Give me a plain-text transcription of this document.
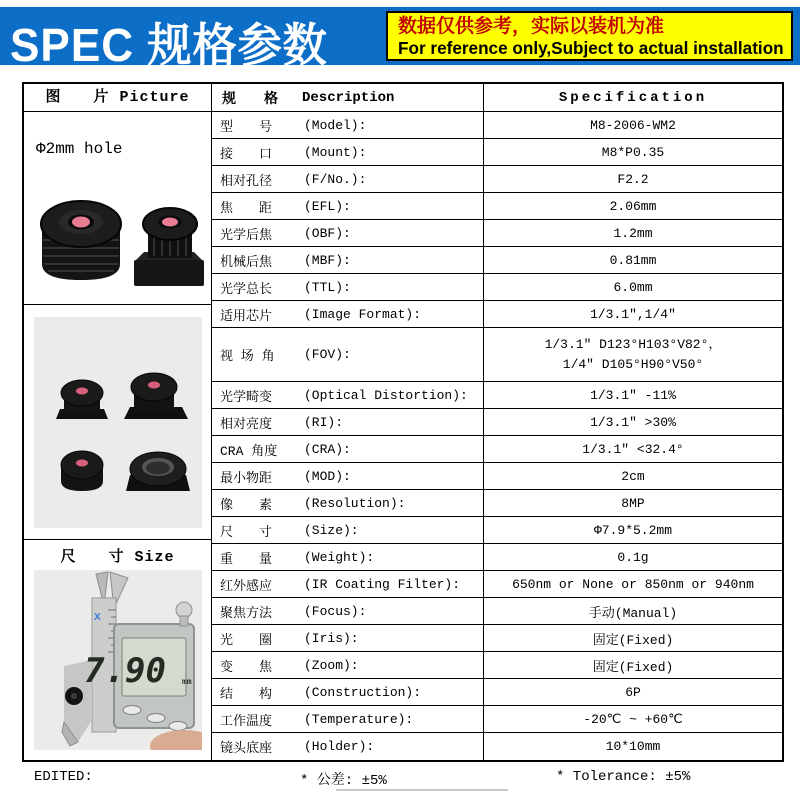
SPEC 规格参数	数据仅供参考，实际以装机为准
For reference only,Subject to actual installation
图　　片 Picture
Φ2mm hole
尺　　寸 Size
X
7.90 mm
规　　格	Description	Specification
型　　号	(Model):	M8-2006-WM2
接　　口	(Mount):	M8*P0.35
相对孔径	(F/No.):	F2.2
焦　　距	(EFL):	2.06mm
光学后焦	(OBF):	1.2mm
机械后焦	(MBF):	0.81mm
光学总长	(TTL):	6.0mm
适用芯片	(Image Format):	1/3.1″,1/4″
视 场 角	(FOV):
1/3.1″ D123°H103°V82°，
1/4″ D105°H90°V50°
光学畸变	(Optical Distortion):	1/3.1″ -11%
相对亮度	(RI):	1/3.1″ >30%
CRA 角度	(CRA):	1/3.1″ <32.4°
最小物距	(MOD):	2cm
像　　素	(Resolution):	8MP
尺　　寸	(Size):	Φ7.9*5.2mm
重　　量	(Weight):	0.1g
红外感应	(IR Coating Filter):	650nm or None or 850nm or 940nm
聚焦方法	(Focus):	手动(Manual)
光　　圈	(Iris):	固定(Fixed)
变　　焦	(Zoom):	固定(Fixed)
结　　构	(Construction):	6P
工作温度	(Temperature):	-20℃ ~ +60℃
镜头底座	(Holder):	10*10mm
EDITED:	* 公差: ±5%	* Tolerance: ±5%
